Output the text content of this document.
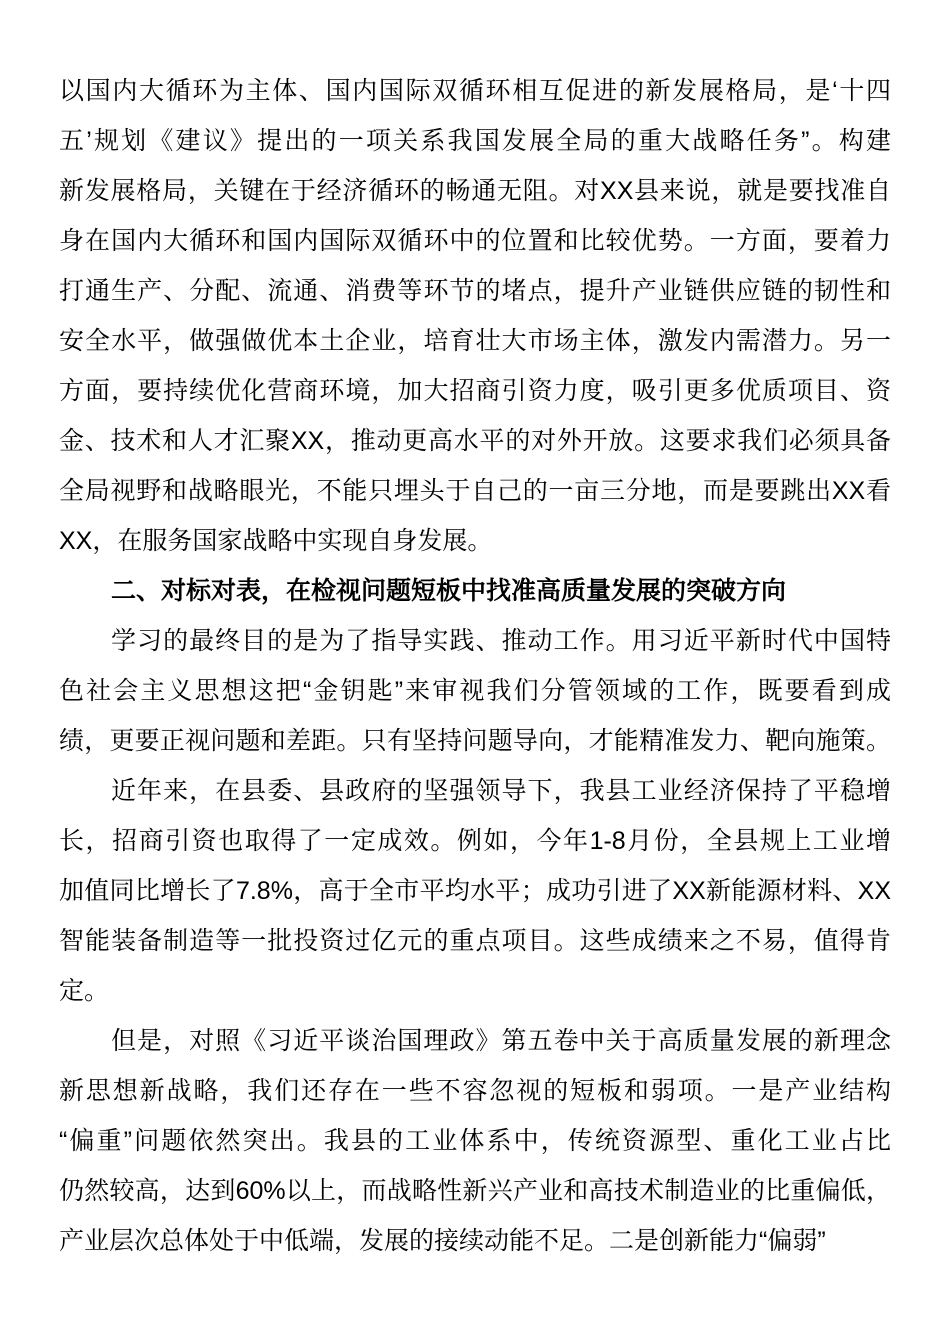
以国内大循环为主体、国内国际双循环相互促进的新发展格局，是‘十四
五’规划《建议》提出的一项关系我国发展全局的重大战略任务”。构建
新发展格局，关键在于经济循环的畅通无阻。对XX县来说，就是要找准自
身在国内大循环和国内国际双循环中的位置和比较优势。一方面，要着力
打通生产、分配、流通、消费等环节的堵点，提升产业链供应链的韧性和
安全水平，做强做优本土企业，培育壮大市场主体，激发内需潜力。另一
方面，要持续优化营商环境，加大招商引资力度，吸引更多优质项目、资
金、技术和人才汇聚XX，推动更高水平的对外开放。这要求我们必须具备
全局视野和战略眼光，不能只埋头于自己的一亩三分地，而是要跳出XX看
XX，在服务国家战略中实现自身发展。
二、对标对表，在检视问题短板中找准高质量发展的突破方向
学习的最终目的是为了指导实践、推动工作。用习近平新时代中国特
色社会主义思想这把“金钥匙”来审视我们分管领域的工作，既要看到成
绩，更要正视问题和差距。只有坚持问题导向，才能精准发力、靶向施策。
近年来，在县委、县政府的坚强领导下，我县工业经济保持了平稳增
长，招商引资也取得了一定成效。例如，今年1-8月份，全县规上工业增
加值同比增长了7.8%，高于全市平均水平；成功引进了XX新能源材料、XX
智能装备制造等一批投资过亿元的重点项目。这些成绩来之不易，值得肯
定。
但是，对照《习近平谈治国理政》第五卷中关于高质量发展的新理念
新思想新战略，我们还存在一些不容忽视的短板和弱项。一是产业结构
“偏重”问题依然突出。我县的工业体系中，传统资源型、重化工业占比
仍然较高，达到60%以上，而战略性新兴产业和高技术制造业的比重偏低，
产业层次总体处于中低端，发展的接续动能不足。二是创新能力“偏弱”
